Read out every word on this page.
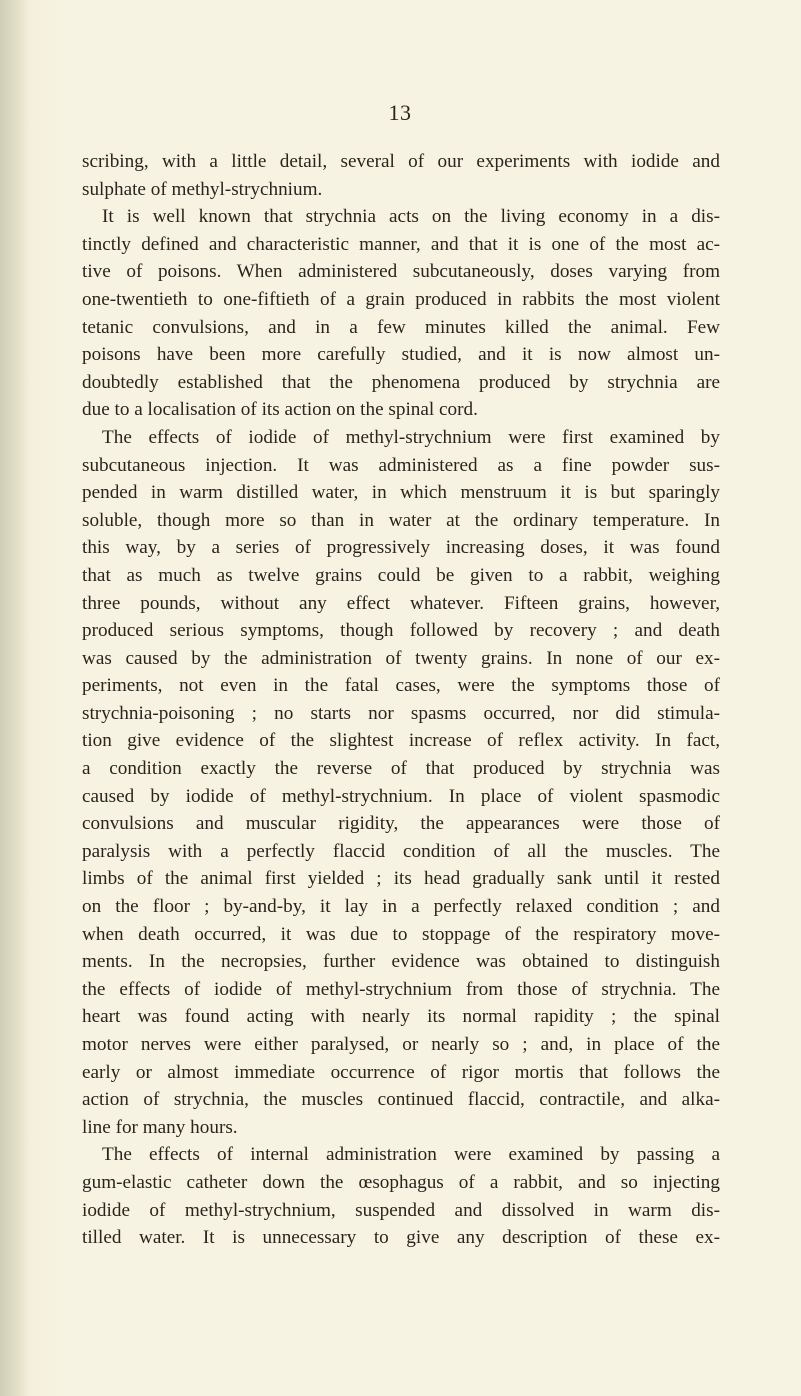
13
scribing, with a little detail, several of our experiments with iodide and
sulphate of methyl-strychnium.
It is well known that strychnia acts on the living economy in a dis-
tinctly defined and characteristic manner, and that it is one of the most ac-
tive of poisons. When administered subcutaneously, doses varying from
one-twentieth to one-fiftieth of a grain produced in rabbits the most violent
tetanic convulsions, and in a few minutes killed the animal. Few
poisons have been more carefully studied, and it is now almost un-
doubtedly established that the phenomena produced by strychnia are
due to a localisation of its action on the spinal cord.
The effects of iodide of methyl-strychnium were first examined by
subcutaneous injection. It was administered as a fine powder sus-
pended in warm distilled water, in which menstruum it is but sparingly
soluble, though more so than in water at the ordinary temperature. In
this way, by a series of progressively increasing doses, it was found
that as much as twelve grains could be given to a rabbit, weighing
three pounds, without any effect whatever. Fifteen grains, however,
produced serious symptoms, though followed by recovery ; and death
was caused by the administration of twenty grains. In none of our ex-
periments, not even in the fatal cases, were the symptoms those of
strychnia-poisoning ; no starts nor spasms occurred, nor did stimula-
tion give evidence of the slightest increase of reflex activity. In fact,
a condition exactly the reverse of that produced by strychnia was
caused by iodide of methyl-strychnium. In place of violent spasmodic
convulsions and muscular rigidity, the appearances were those of
paralysis with a perfectly flaccid condition of all the muscles. The
limbs of the animal first yielded ; its head gradually sank until it rested
on the floor ; by-and-by, it lay in a perfectly relaxed condition ; and
when death occurred, it was due to stoppage of the respiratory move-
ments. In the necropsies, further evidence was obtained to distinguish
the effects of iodide of methyl-strychnium from those of strychnia. The
heart was found acting with nearly its normal rapidity ; the spinal
motor nerves were either paralysed, or nearly so ; and, in place of the
early or almost immediate occurrence of rigor mortis that follows the
action of strychnia, the muscles continued flaccid, contractile, and alka-
line for many hours.
The effects of internal administration were examined by passing a
gum-elastic catheter down the œsophagus of a rabbit, and so injecting
iodide of methyl-strychnium, suspended and dissolved in warm dis-
tilled water. It is unnecessary to give any description of these ex-
